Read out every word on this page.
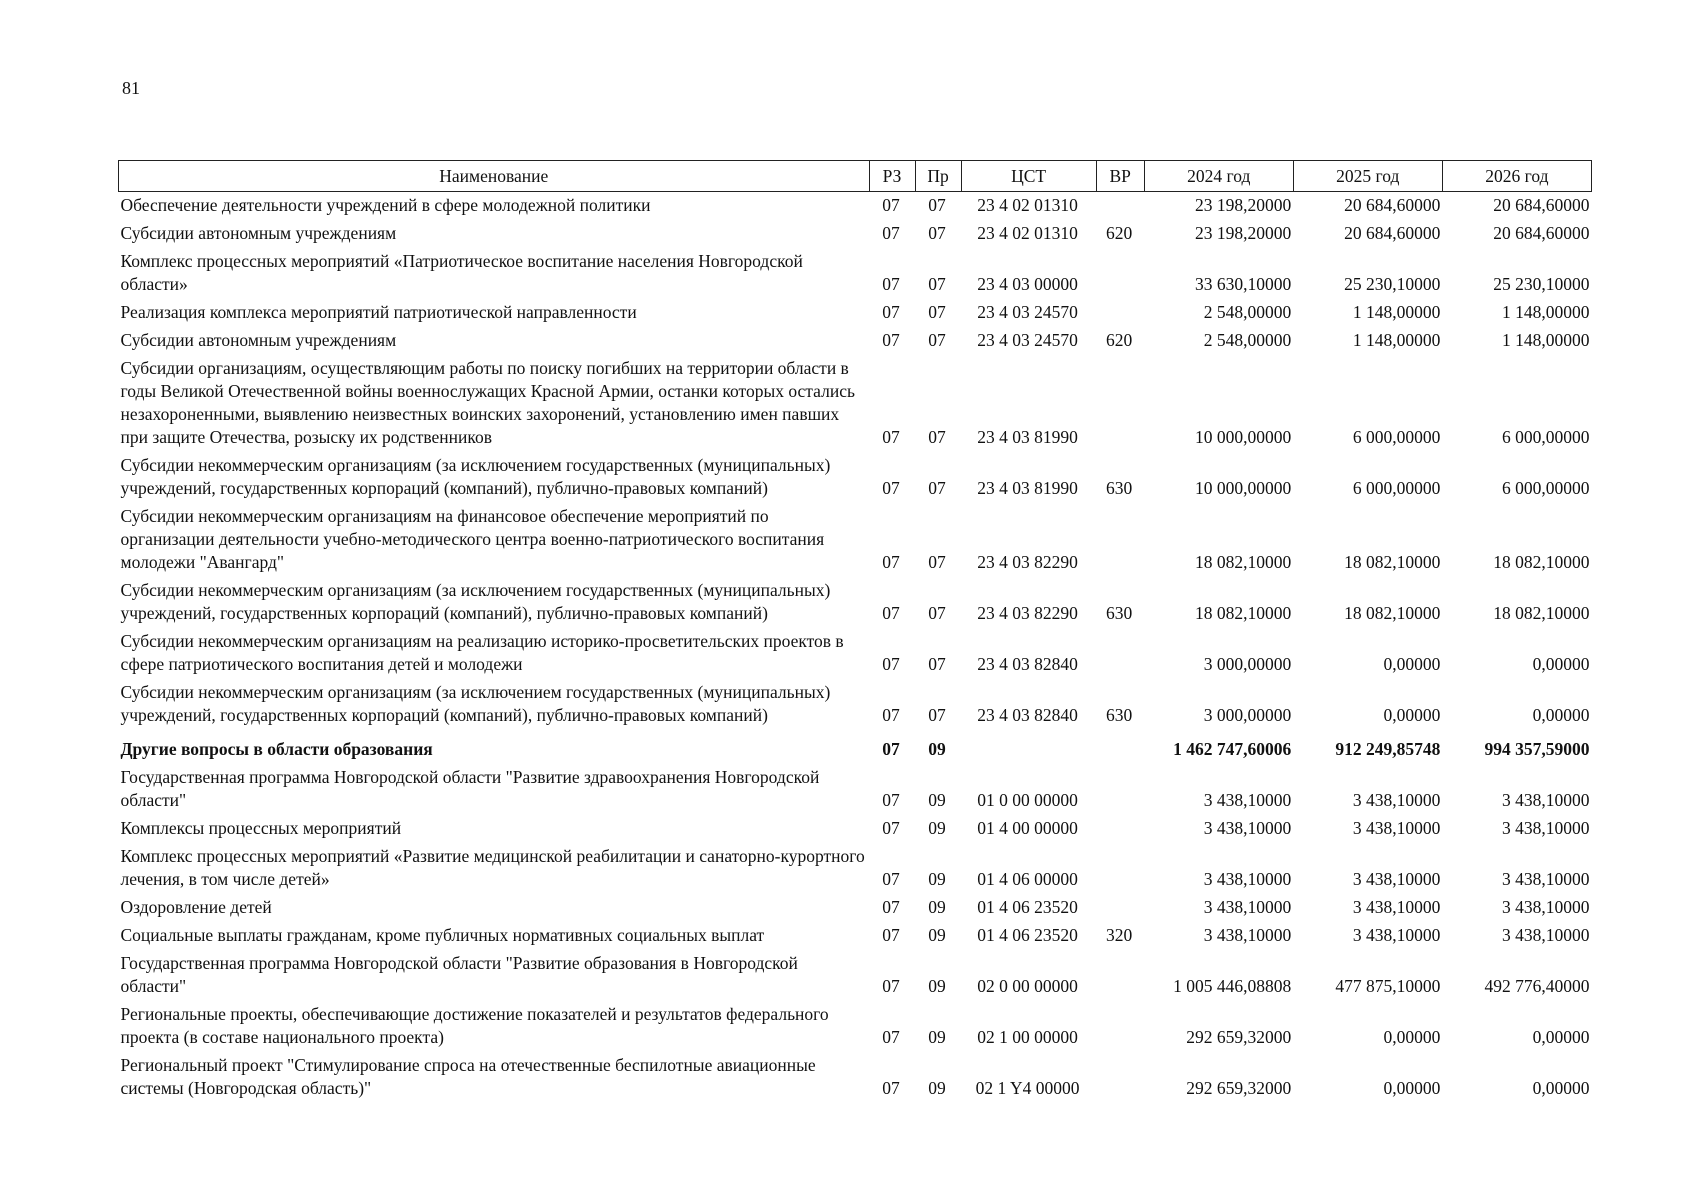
81
Наименование	РЗ	Пр	ЦСТ	ВР	2024 год	2025 год	2026 год
Обеспечение деятельности учреждений в сфере молодежной политики	07	07	23 4 02 01310		23 198,20000	20 684,60000	20 684,60000
Субсидии автономным учреждениям	07	07	23 4 02 01310	620	23 198,20000	20 684,60000	20 684,60000
Комплекс процессных мероприятий «Патриотическое воспитание населения Новгородской области»	07	07	23 4 03 00000		33 630,10000	25 230,10000	25 230,10000
Реализация комплекса мероприятий патриотической направленности	07	07	23 4 03 24570		2 548,00000	1 148,00000	1 148,00000
Субсидии автономным учреждениям	07	07	23 4 03 24570	620	2 548,00000	1 148,00000	1 148,00000
Субсидии организациям, осуществляющим работы по поиску погибших на территории области в годы Великой Отечественной войны военнослужащих Красной Армии, останки которых остались незахороненными, выявлению неизвестных воинских захоронений, установлению имен павших при защите Отечества, розыску их родственников	07	07	23 4 03 81990		10 000,00000	6 000,00000	6 000,00000
Субсидии некоммерческим организациям (за исключением государственных (муниципальных) учреждений, государственных корпораций (компаний), публично-правовых компаний)	07	07	23 4 03 81990	630	10 000,00000	6 000,00000	6 000,00000
Субсидии некоммерческим организациям на финансовое обеспечение мероприятий по организации деятельности учебно-методического центра военно-патриотического воспитания молодежи "Авангард"	07	07	23 4 03 82290		18 082,10000	18 082,10000	18 082,10000
Субсидии некоммерческим организациям (за исключением государственных (муниципальных) учреждений, государственных корпораций (компаний), публично-правовых компаний)	07	07	23 4 03 82290	630	18 082,10000	18 082,10000	18 082,10000
Субсидии некоммерческим организациям на реализацию историко-просветительских проектов в сфере патриотического воспитания детей и молодежи	07	07	23 4 03 82840		3 000,00000	0,00000	0,00000
Субсидии некоммерческим организациям (за исключением государственных (муниципальных) учреждений, государственных корпораций (компаний), публично-правовых компаний)	07	07	23 4 03 82840	630	3 000,00000	0,00000	0,00000
Другие вопросы в области образования	07	09			1 462 747,60006	912 249,85748	994 357,59000
Государственная программа Новгородской области "Развитие здравоохранения Новгородской области"	07	09	01 0 00 00000		3 438,10000	3 438,10000	3 438,10000
Комплексы процессных мероприятий	07	09	01 4 00 00000		3 438,10000	3 438,10000	3 438,10000
Комплекс процессных мероприятий «Развитие медицинской реабилитации и санаторно-курортного лечения, в том числе детей»	07	09	01 4 06 00000		3 438,10000	3 438,10000	3 438,10000
Оздоровление детей	07	09	01 4 06 23520		3 438,10000	3 438,10000	3 438,10000
Социальные выплаты гражданам, кроме публичных нормативных социальных выплат	07	09	01 4 06 23520	320	3 438,10000	3 438,10000	3 438,10000
Государственная программа Новгородской области "Развитие образования в Новгородской области"	07	09	02 0 00 00000		1 005 446,08808	477 875,10000	492 776,40000
Региональные проекты, обеспечивающие достижение показателей и результатов федерального проекта (в составе национального проекта)	07	09	02 1 00 00000		292 659,32000	0,00000	0,00000
Региональный проект "Стимулирование спроса на отечественные беспилотные авиационные системы (Новгородская область)"	07	09	02 1 Y4 00000		292 659,32000	0,00000	0,00000
